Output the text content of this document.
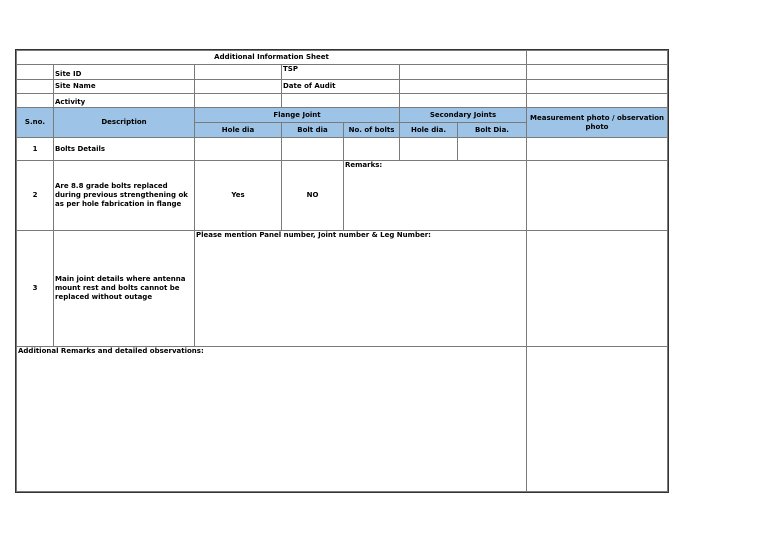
Additional Information Sheet							
	Site ID		TSP				
	Site Name		Date of Audit				
	Activity						
S.no.	Description	Flange Joint			Secondary Joints		Measurement photo / observation photo
		Hole dia	Bolt dia	No. of bolts	Hole dia.	Bolt Dia.	
1	Bolts Details						
2	Are 8.8 grade bolts replaced during previous strengthening ok as per hole fabrication in flange	Yes	NO	Remarks:			
3	Main joint details where antenna mount rest and bolts cannot be replaced without outage	Please mention Panel number, Joint number & Leg Number:					
Additional Remarks and detailed observations:							
